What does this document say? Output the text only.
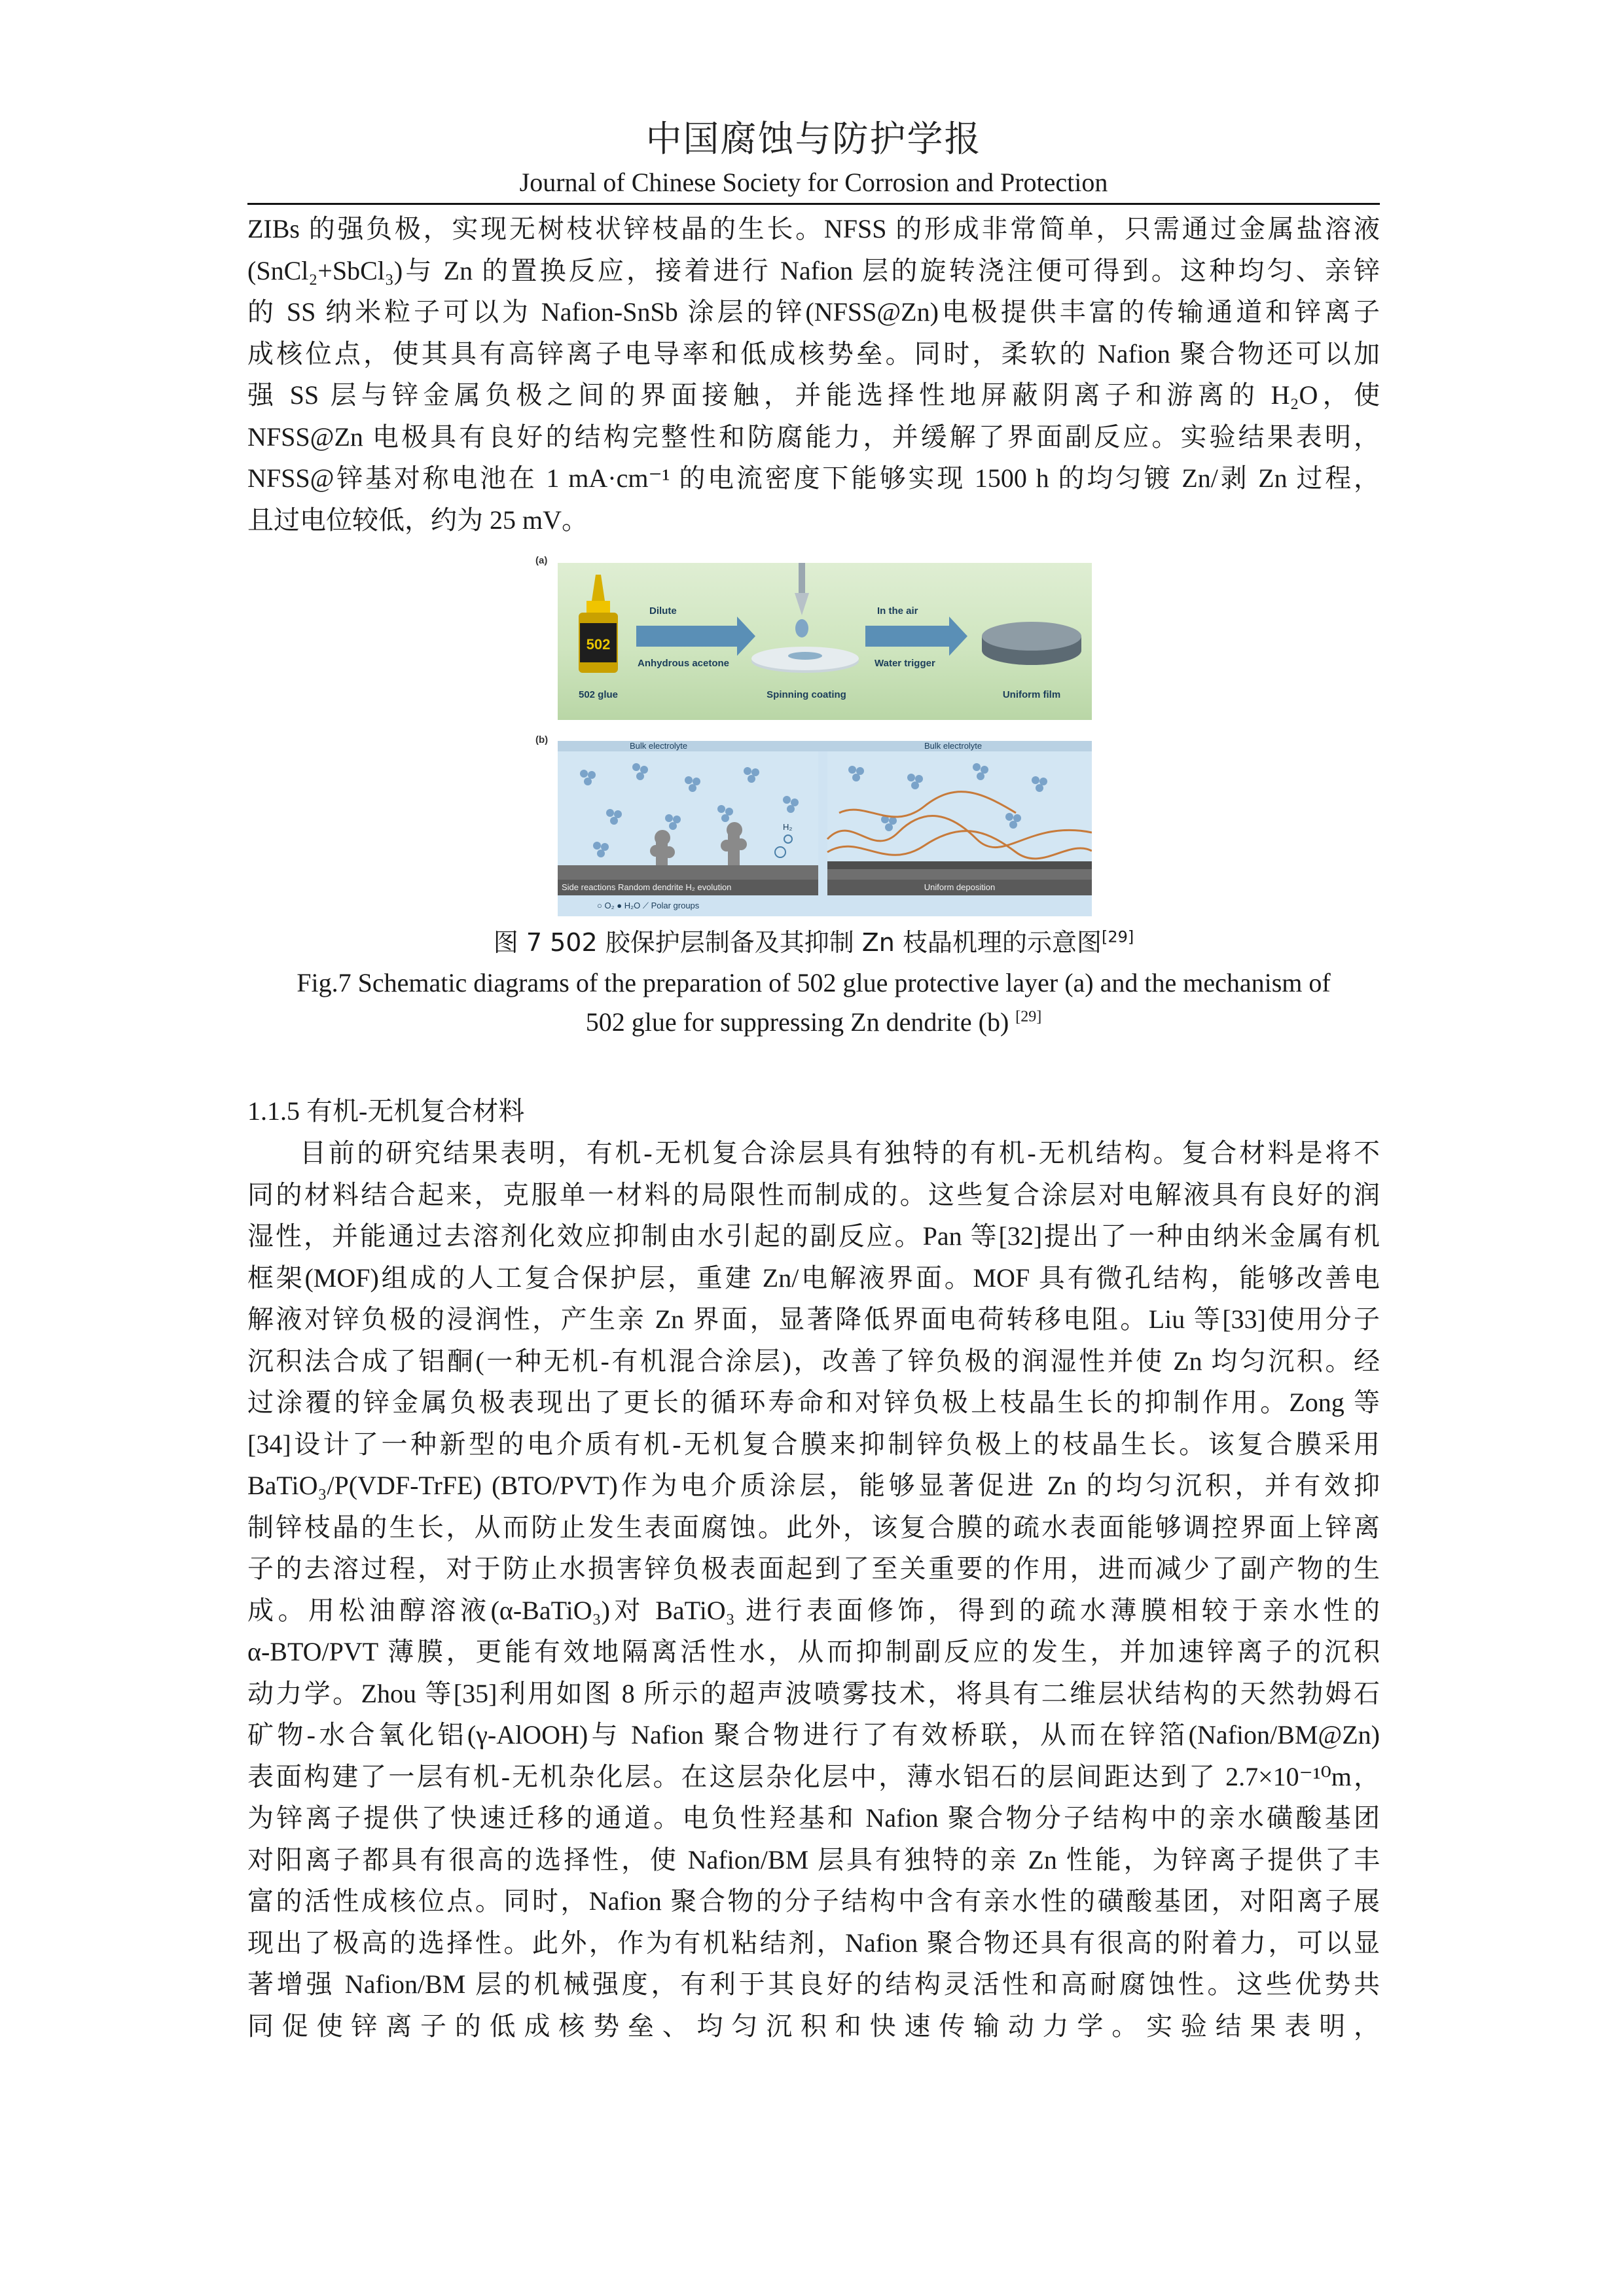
中国腐蚀与防护学报
Journal of Chinese Society for Corrosion and Protection

ZIBs 的强负极，实现无树枝状锌枝晶的生长。NFSS 的形成非常简单，只需通过金属盐溶液
(SnCl₂+SbCl₃)与 Zn 的置换反应，接着进行 Nafion 层的旋转浇注便可得到。这种均匀、亲锌
的 SS 纳米粒子可以为 Nafion-SnSb 涂层的锌(NFSS@Zn)电极提供丰富的传输通道和锌离子
成核位点，使其具有高锌离子电导率和低成核势垒。同时，柔软的 Nafion 聚合物还可以加
强 SS 层与锌金属负极之间的界面接触，并能选择性地屏蔽阴离子和游离的 H₂O，使
NFSS@Zn 电极具有良好的结构完整性和防腐能力，并缓解了界面副反应。实验结果表明，
NFSS@锌基对称电池在 1 mA·cm⁻¹ 的电流密度下能够实现 1500 h 的均匀镀 Zn/剥 Zn 过程，
且过电位较低，约为 25 mV。

(a)
(b)
502
502 glue
Dilute
Anhydrous acetone
Spinning coating
In the air
Water trigger
Uniform film
Bulk electrolyte	Bulk electrolyte
H₂
Side reactions Random dendrite H₂ evolution	Uniform deposition
○ O₂ ● H₂O ⟋ Polar groups
图 7 502 胶保护层制备及其抑制 Zn 枝晶机理的示意图[29]
Fig.7 Schematic diagrams of the preparation of 502 glue protective layer (a) and the mechanism of
502 glue for suppressing Zn dendrite (b) [29]
1.1.5 有机-无机复合材料

目前的研究结果表明，有机-无机复合涂层具有独特的有机-无机结构。复合材料是将不
同的材料结合起来，克服单一材料的局限性而制成的。这些复合涂层对电解液具有良好的润
湿性，并能通过去溶剂化效应抑制由水引起的副反应。Pan 等[32]提出了一种由纳米金属有机
框架(MOF)组成的人工复合保护层，重建 Zn/电解液界面。MOF 具有微孔结构，能够改善电
解液对锌负极的浸润性，产生亲 Zn 界面，显著降低界面电荷转移电阻。Liu 等[33]使用分子
沉积法合成了铝酮(一种无机-有机混合涂层)，改善了锌负极的润湿性并使 Zn 均匀沉积。经
过涂覆的锌金属负极表现出了更长的循环寿命和对锌负极上枝晶生长的抑制作用。Zong 等
[34]设计了一种新型的电介质有机-无机复合膜来抑制锌负极上的枝晶生长。该复合膜采用
BaTiO₃/P(VDF-TrFE) (BTO/PVT)作为电介质涂层，能够显著促进 Zn 的均匀沉积，并有效抑
制锌枝晶的生长，从而防止发生表面腐蚀。此外，该复合膜的疏水表面能够调控界面上锌离
子的去溶过程，对于防止水损害锌负极表面起到了至关重要的作用，进而减少了副产物的生
成。用松油醇溶液(α-BaTiO₃)对 BaTiO₃ 进行表面修饰，得到的疏水薄膜相较于亲水性的
α-BTO/PVT 薄膜，更能有效地隔离活性水，从而抑制副反应的发生，并加速锌离子的沉积
动力学。Zhou 等[35]利用如图 8 所示的超声波喷雾技术，将具有二维层状结构的天然勃姆石
矿物-水合氧化铝(γ-AlOOH)与 Nafion 聚合物进行了有效桥联，从而在锌箔(Nafion/BM@Zn)
表面构建了一层有机-无机杂化层。在这层杂化层中，薄水铝石的层间距达到了 2.7×10⁻¹⁰m，
为锌离子提供了快速迁移的通道。电负性羟基和 Nafion 聚合物分子结构中的亲水磺酸基团
对阳离子都具有很高的选择性，使 Nafion/BM 层具有独特的亲 Zn 性能，为锌离子提供了丰
富的活性成核位点。同时，Nafion 聚合物的分子结构中含有亲水性的磺酸基团，对阳离子展
现出了极高的选择性。此外，作为有机粘结剂，Nafion 聚合物还具有很高的附着力，可以显
著增强 Nafion/BM 层的机械强度，有利于其良好的结构灵活性和高耐腐蚀性。这些优势共
同 促 使 锌 离 子 的 低 成 核 势 垒 、 均 匀 沉 积 和 快 速 传 输 动 力 学 。 实 验 结 果 表 明 ，
